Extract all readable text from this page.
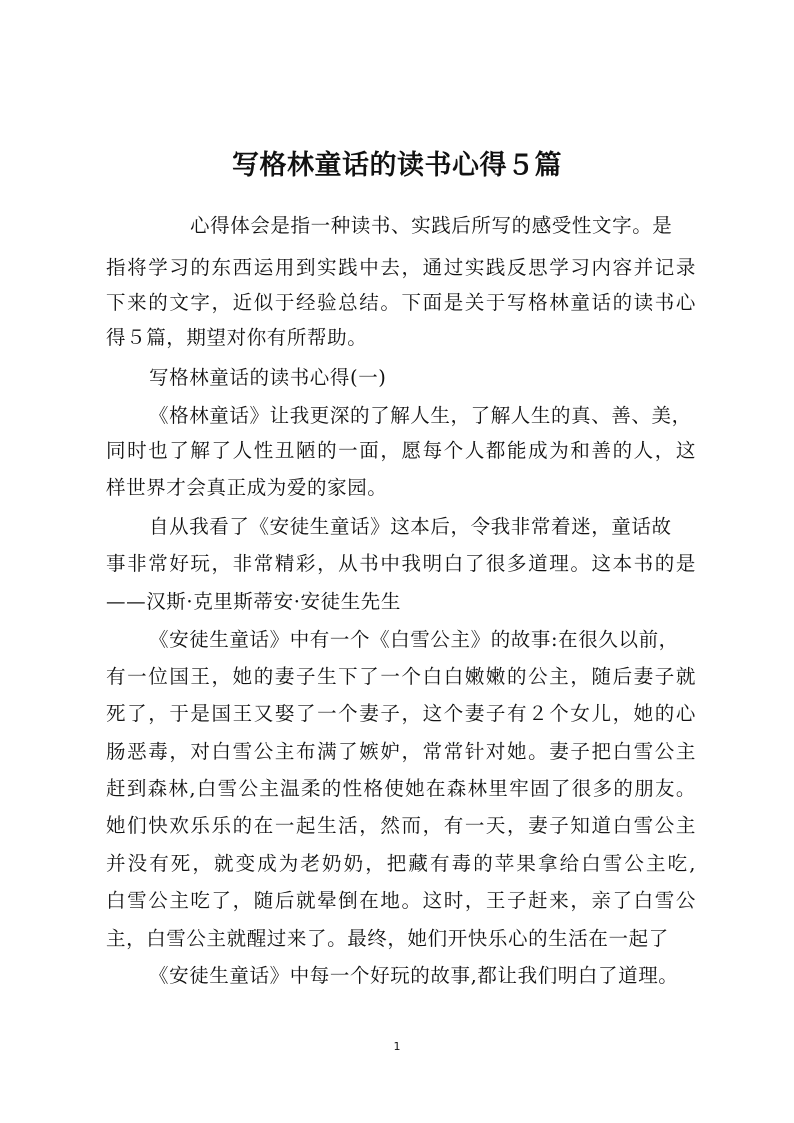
写格林童话的读书心得５篇
心得体会是指一种读书、实践后所写的感受性文字。是
指将学习的东西运用到实践中去，通过实践反思学习内容并记录
下来的文字，近似于经验总结。下面是关于写格林童话的读书心
得５篇，期望对你有所帮助。
写格林童话的读书心得(一)
《格林童话》让我更深的了解人生，了解人生的真、善、美，
同时也了解了人性丑陋的一面，愿每个人都能成为和善的人，这
样世界才会真正成为爱的家园。
自从我看了《安徒生童话》这本后，令我非常着迷，童话故
事非常好玩，非常精彩，从书中我明白了很多道理。这本书的是
——汉斯·克里斯蒂安·安徒生先生
《安徒生童话》中有一个《白雪公主》的故事:在很久以前，
有一位国王，她的妻子生下了一个白白嫩嫩的公主，随后妻子就
死了，于是国王又娶了一个妻子，这个妻子有２个女儿，她的心
肠恶毒，对白雪公主布满了嫉妒，常常针对她。妻子把白雪公主
赶到森林,白雪公主温柔的性格使她在森林里牢固了很多的朋友。
她们快欢乐乐的在一起生活，然而，有一天，妻子知道白雪公主
并没有死，就变成为老奶奶，把藏有毒的苹果拿给白雪公主吃,
白雪公主吃了，随后就晕倒在地。这时，王子赶来，亲了白雪公
主，白雪公主就醒过来了。最终，她们开快乐心的生活在一起了
《安徒生童话》中每一个好玩的故事,都让我们明白了道理。
1
